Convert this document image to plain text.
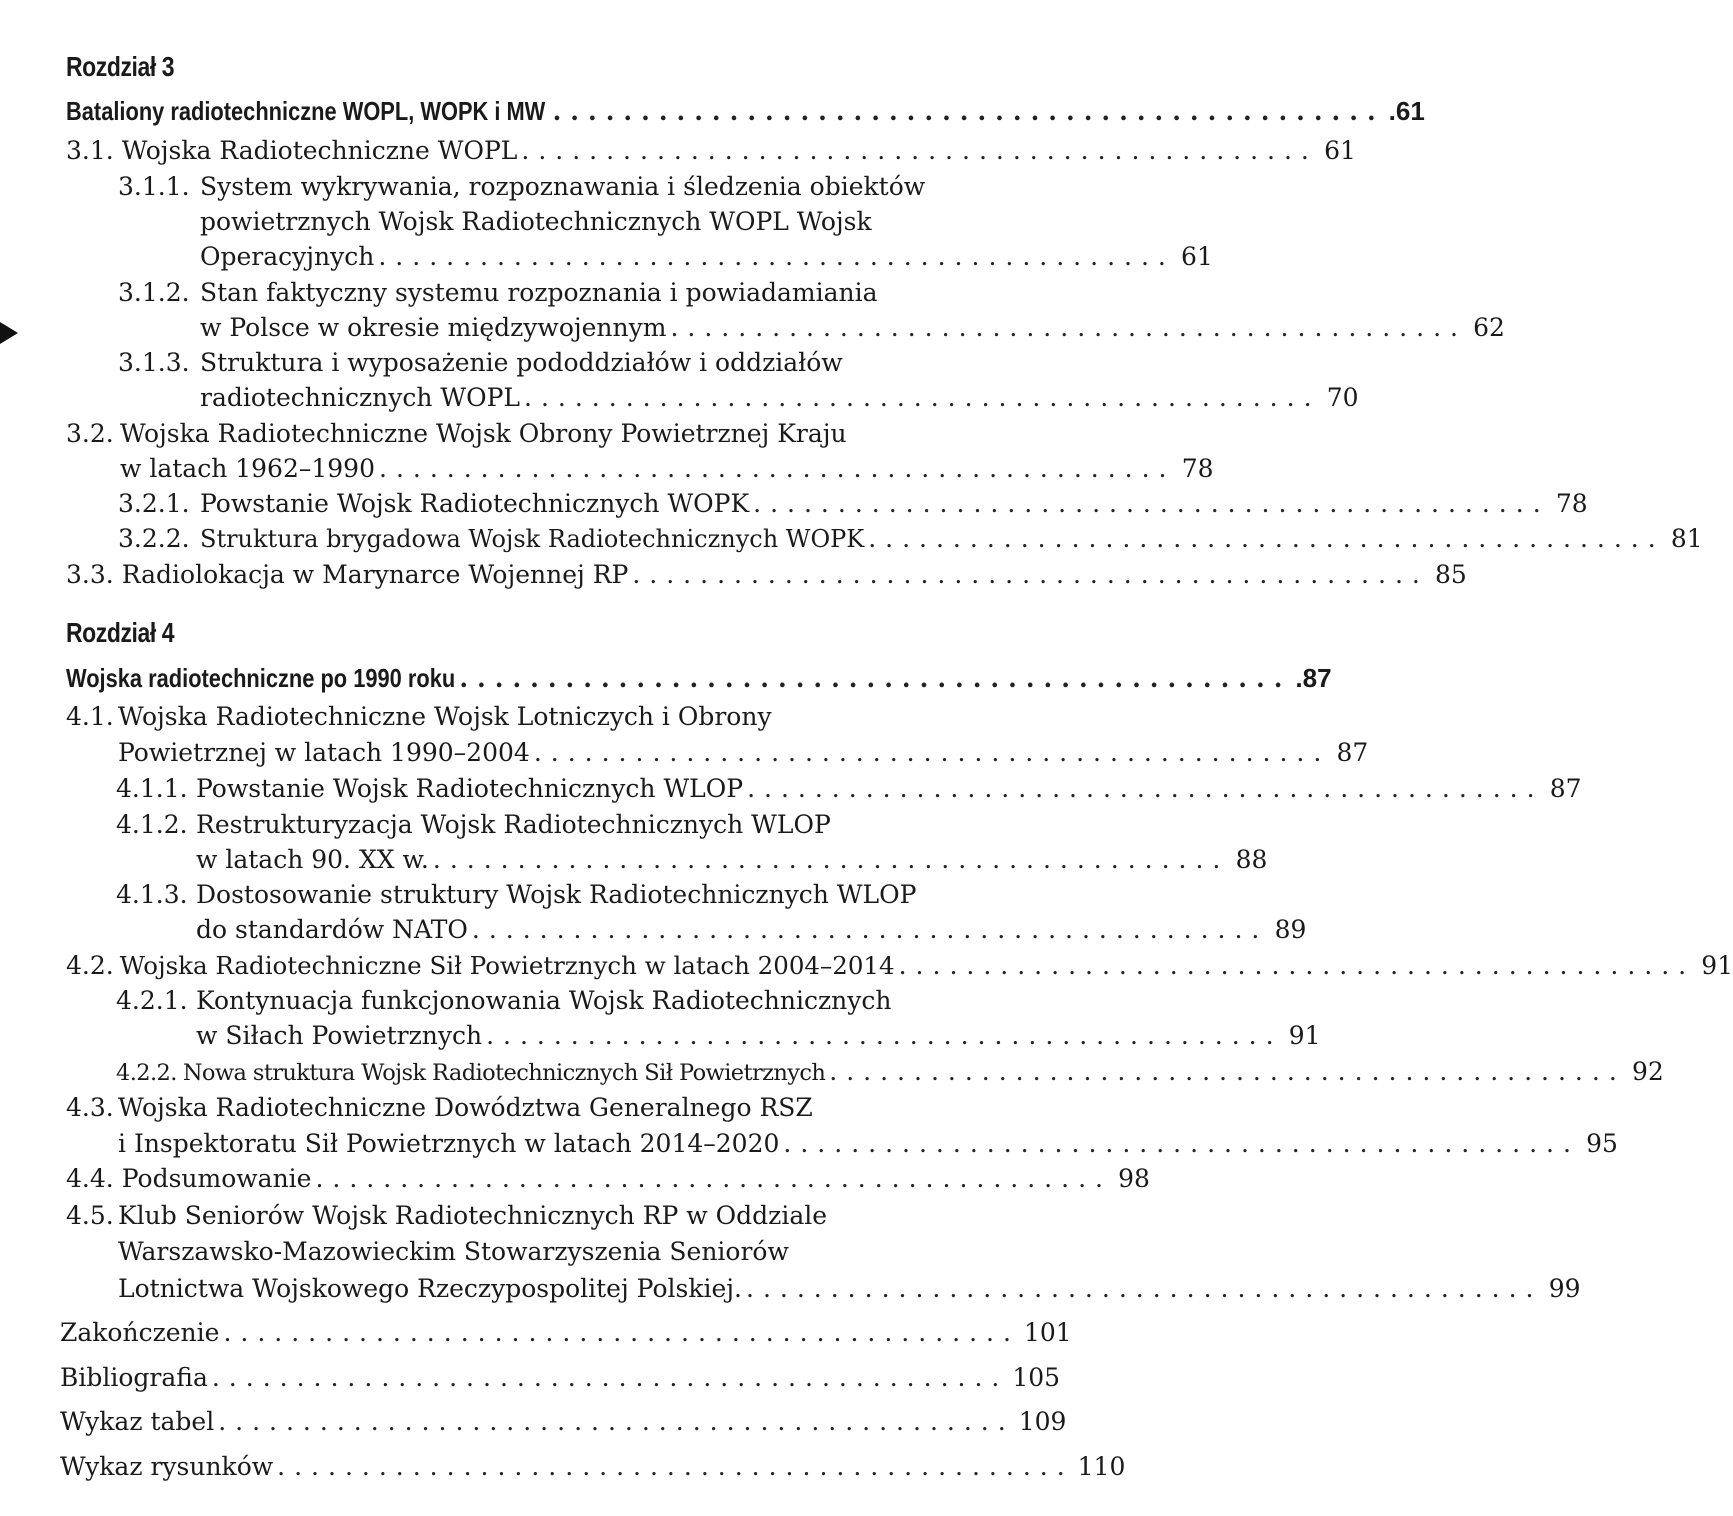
Rozdział 3
Bataliony radiotechniczne WOPL, WOPK i MW ............................................... .61
3.1. Wojska Radiotechniczne WOPL ............................................... 61
3.1.1. System wykrywania, rozpoznawania i śledzenia obiektów
powietrznych Wojsk Radiotechnicznych WOPL Wojsk
Operacyjnych ............................................... 61
3.1.2. Stan faktyczny systemu rozpoznania i powiadamiania
w Polsce w okresie międzywojennym ............................................... 62
3.1.3. Struktura i wyposażenie pododdziałów i oddziałów
radiotechnicznych WOPL ............................................... 70
3.2. Wojska Radiotechniczne Wojsk Obrony Powietrznej Kraju
w latach 1962–1990 ............................................... 78
3.2.1. Powstanie Wojsk Radiotechnicznych WOPK ............................................... 78
3.2.2. Struktura brygadowa Wojsk Radiotechnicznych WOPK ............................................... 81
3.3. Radiolokacja w Marynarce Wojennej RP ............................................... 85
Rozdział 4
Wojska radiotechniczne po 1990 roku ............................................... .87
4.1. Wojska Radiotechniczne Wojsk Lotniczych i Obrony
Powietrznej w latach 1990–2004 ............................................... 87
4.1.1. Powstanie Wojsk Radiotechnicznych WLOP ............................................... 87
4.1.2. Restrukturyzacja Wojsk Radiotechnicznych WLOP
w latach 90. XX w. ............................................... 88
4.1.3. Dostosowanie struktury Wojsk Radiotechnicznych WLOP
do standardów NATO ............................................... 89
4.2. Wojska Radiotechniczne Sił Powietrznych w latach 2004–2014 ............................................... 91
4.2.1. Kontynuacja funkcjonowania Wojsk Radiotechnicznych
w Siłach Powietrznych ............................................... 91
4.2.2. Nowa struktura Wojsk Radiotechnicznych Sił Powietrznych ............................................... 92
4.3. Wojska Radiotechniczne Dowództwa Generalnego RSZ
i Inspektoratu Sił Powietrznych w latach 2014–2020 ............................................... 95
4.4. Podsumowanie ............................................... 98
4.5. Klub Seniorów Wojsk Radiotechnicznych RP w Oddziale
Warszawsko-Mazowieckim Stowarzyszenia Seniorów
Lotnictwa Wojskowego Rzeczypospolitej Polskiej. ............................................... 99
Zakończenie ............................................... 101
Bibliografia ............................................... 105
Wykaz tabel ............................................... 109
Wykaz rysunków ............................................... 110
